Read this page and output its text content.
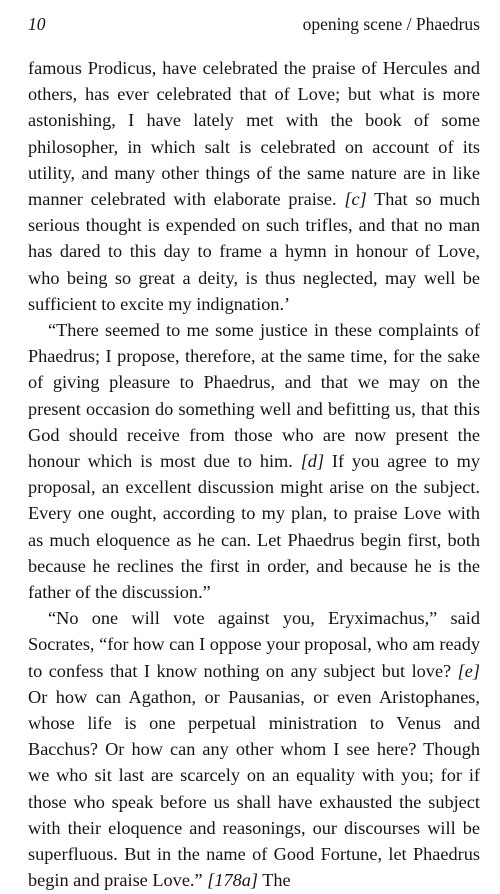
10	opening scene / Phaedrus

famous Prodicus, have celebrated the praise of Hercules and others, has ever celebrated that of Love; but what is more astonishing, I have lately met with the book of some philosopher, in which salt is celebrated on account of its utility, and many other things of the same nature are in like manner celebrated with elaborate praise. [c] That so much serious thought is expended on such trifles, and that no man has dared to this day to frame a hymn in honour of Love, who being so great a deity, is thus neglected, may well be sufficient to excite my indignation.’

“There seemed to me some justice in these complaints of Phaedrus; I propose, therefore, at the same time, for the sake of giving pleasure to Phaedrus, and that we may on the present occasion do something well and befitting us, that this God should receive from those who are now present the honour which is most due to him. [d] If you agree to my proposal, an excellent discussion might arise on the subject. Every one ought, according to my plan, to praise Love with as much eloquence as he can. Let Phaedrus begin first, both because he reclines the first in order, and because he is the father of the discussion.”

“No one will vote against you, Eryximachus,” said Socrates, “for how can I oppose your proposal, who am ready to confess that I know nothing on any subject but love? [e] Or how can Agathon, or Pausanias, or even Aristophanes, whose life is one perpetual ministration to Venus and Bacchus? Or how can any other whom I see here? Though we who sit last are scarcely on an equality with you; for if those who speak before us shall have exhausted the subject with their eloquence and reasonings, our discourses will be superfluous. But in the name of Good Fortune, let Phaedrus begin and praise Love.” [178a] The
